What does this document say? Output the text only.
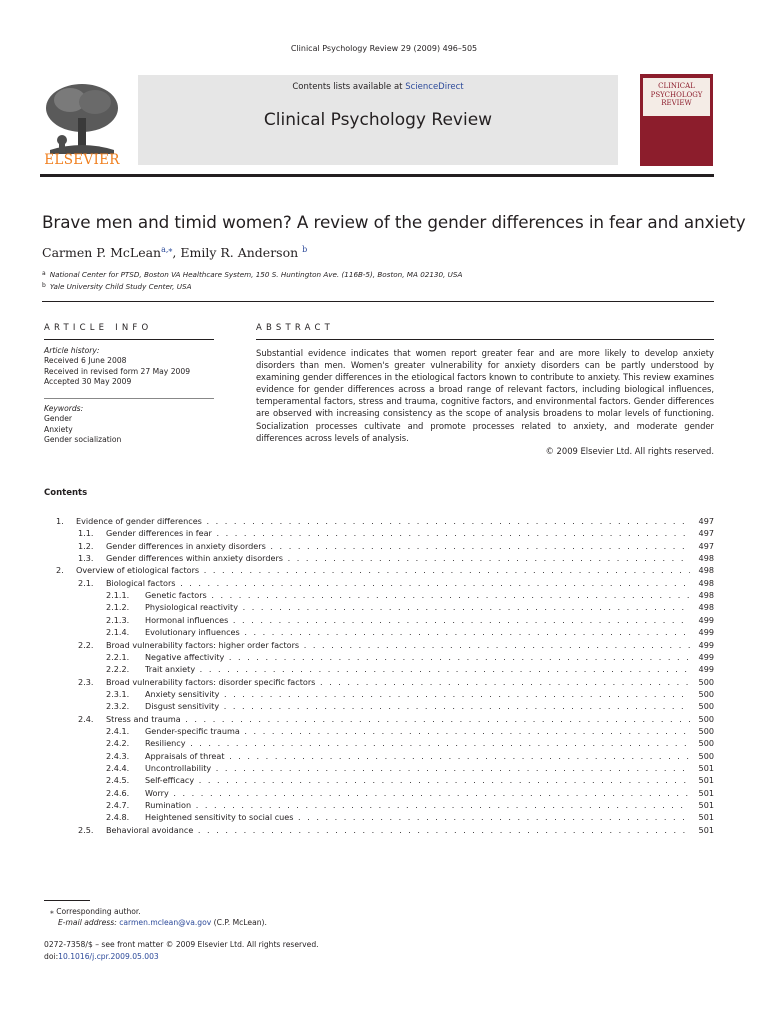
Clinical Psychology Review 29 (2009) 496–505
ELSEVIER
Contents lists available at ScienceDirect
Clinical Psychology Review
CLINICAL
PSYCHOLOGY
REVIEW
Brave men and timid women? A review of the gender differences in fear and anxiety
Carmen P. McLean$^{a,⁎}$, Emily R. Anderson $^b$
$^a$ National Center for PTSD, Boston VA Healthcare System, 150 S. Huntington Ave. (116B-5), Boston, MA 02130, USA
$^b$ Yale University Child Study Center, USA
ARTICLE INFO
Article history:
Received 6 June 2008
Received in revised form 27 May 2009
Accepted 30 May 2009
Keywords:
Gender
Anxiety
Gender socialization
ABSTRACT
Substantial evidence indicates that women report greater fear and are more likely to develop anxiety disorders than men. Women's greater vulnerability for anxiety disorders can be partly understood by examining gender differences in the etiological factors known to contribute to anxiety. This review examines evidence for gender differences across a broad range of relevant factors, including biological influences, temperamental factors, stress and trauma, cognitive factors, and environmental factors. Gender differences are observed with increasing consistency as the scope of analysis broadens to molar levels of functioning. Socialization processes cultivate and promote processes related to anxiety, and moderate gender differences across levels of analysis.
© 2009 Elsevier Ltd. All rights reserved.
Contents
1. Evidence of gender differences . . .	497
1.1. Gender differences in fear . . .	497
1.2. Gender differences in anxiety disorders . . .	497
1.3. Gender differences within anxiety disorders . . .	498
2. Overview of etiological factors . . .	498
2.1. Biological factors . . .	498
2.1.1. Genetic factors . . .	498
2.1.2. Physiological reactivity . . .	498
2.1.3. Hormonal influences . . .	499
2.1.4. Evolutionary influences . . .	499
2.2. Broad vulnerability factors: higher order factors . . .	499
2.2.1. Negative affectivity . . .	499
2.2.2. Trait anxiety . . .	499
2.3. Broad vulnerability factors: disorder specific factors . . .	500
2.3.1. Anxiety sensitivity . . .	500
2.3.2. Disgust sensitivity . . .	500
2.4. Stress and trauma . . .	500
2.4.1. Gender-specific trauma . . .	500
2.4.2. Resiliency . . .	500
2.4.3. Appraisals of threat . . .	500
2.4.4. Uncontrollability . . .	501
2.4.5. Self-efficacy . . .	501
2.4.6. Worry . . .	501
2.4.7. Rumination . . .	501
2.4.8. Heightened sensitivity to social cues . . .	501
2.5. Behavioral avoidance . . .	501
⁎ Corresponding author.
E-mail address: carmen.mclean@va.gov (C.P. McLean).
0272-7358/$ – see front matter © 2009 Elsevier Ltd. All rights reserved.
doi:10.1016/j.cpr.2009.05.003
